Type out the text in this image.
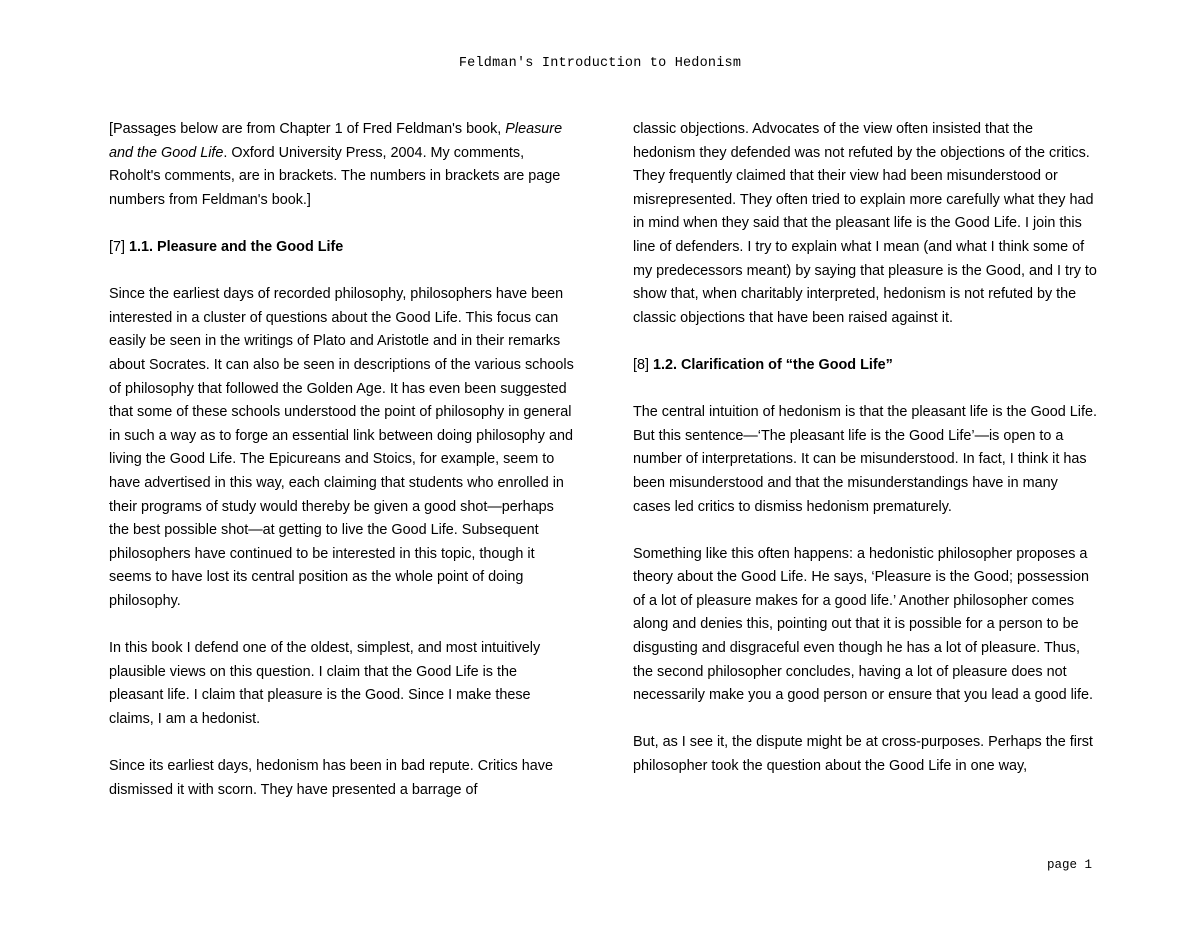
Feldman's Introduction to Hedonism

[Passages below are from Chapter 1 of Fred Feldman's book, Pleasure and the Good Life. Oxford University Press, 2004. My comments, Roholt's comments, are in brackets. The numbers in brackets are page numbers from Feldman's book.]

[7] 1.1. Pleasure and the Good Life

Since the earliest days of recorded philosophy, philosophers have been interested in a cluster of questions about the Good Life. This focus can easily be seen in the writings of Plato and Aristotle and in their remarks about Socrates. It can also be seen in descriptions of the various schools of philosophy that followed the Golden Age. It has even been suggested that some of these schools understood the point of philosophy in general in such a way as to forge an essential link between doing philosophy and living the Good Life. The Epicureans and Stoics, for example, seem to have advertised in this way, each claiming that students who enrolled in their programs of study would thereby be given a good shot—perhaps the best possible shot—at getting to live the Good Life. Subsequent philosophers have continued to be interested in this topic, though it seems to have lost its central position as the whole point of doing philosophy.

In this book I defend one of the oldest, simplest, and most intuitively plausible views on this question. I claim that the Good Life is the pleasant life. I claim that pleasure is the Good. Since I make these claims, I am a hedonist.

Since its earliest days, hedonism has been in bad repute. Critics have dismissed it with scorn. They have presented a barrage of

classic objections. Advocates of the view often insisted that the hedonism they defended was not refuted by the objections of the critics. They frequently claimed that their view had been misunderstood or misrepresented. They often tried to explain more carefully what they had in mind when they said that the pleasant life is the Good Life. I join this line of defenders. I try to explain what I mean (and what I think some of my predecessors meant) by saying that pleasure is the Good, and I try to show that, when charitably interpreted, hedonism is not refuted by the classic objections that have been raised against it.

[8] 1.2. Clarification of “the Good Life”

The central intuition of hedonism is that the pleasant life is the Good Life. But this sentence—‘The pleasant life is the Good Life’—is open to a number of interpretations. It can be misunderstood. In fact, I think it has been misunderstood and that the misunderstandings have in many cases led critics to dismiss hedonism prematurely.

Something like this often happens: a hedonistic philosopher proposes a theory about the Good Life. He says, ‘Pleasure is the Good; possession of a lot of pleasure makes for a good life.’ Another philosopher comes along and denies this, pointing out that it is possible for a person to be disgusting and disgraceful even though he has a lot of pleasure. Thus, the second philosopher concludes, having a lot of pleasure does not necessarily make you a good person or ensure that you lead a good life.

But, as I see it, the dispute might be at cross-purposes. Perhaps the first philosopher took the question about the Good Life in one way,

page 1
